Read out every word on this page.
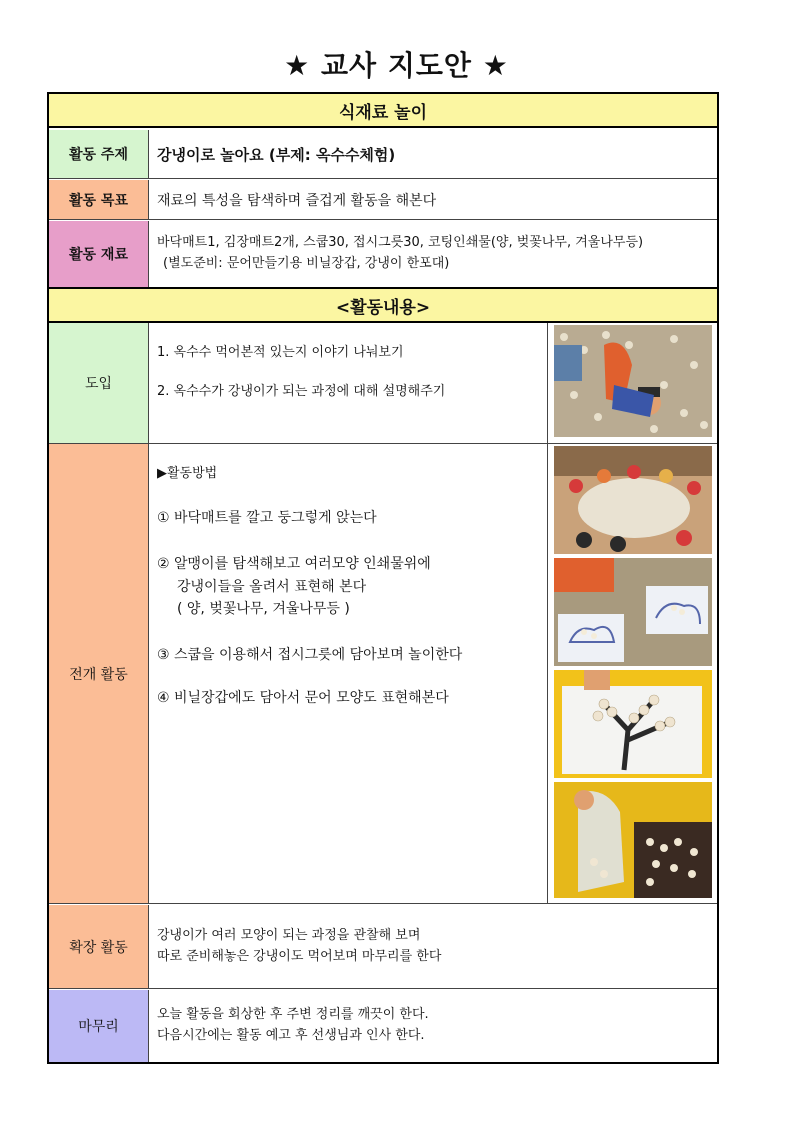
★ 교사 지도안 ★
식재료 놀이
활동 주제	강냉이로 놀아요 (부제: 옥수수체험)
활동 목표	재료의 특성을 탐색하며 즐겁게 활동을 해본다
활동 재료
바닥매트1, 김장매트2개, 스쿱30, 접시그릇30, 코팅인쇄물(양, 벚꽃나무, 겨울나무등)
(별도준비: 문어만들기용 비닐장갑, 강냉이 한포대)
<활동내용>
도입
1. 옥수수 먹어본적 있는지 이야기 나눠보기
2. 옥수수가 강냉이가 되는 과정에 대해 설명해주기
전개 활동
▶활동방법
① 바닥매트를 깔고 둥그렇게 앉는다
② 알맹이를 탐색해보고 여러모양 인쇄물위에
강냉이들을 올려서 표현해 본다
( 양, 벚꽃나무, 겨울나무등 )
③ 스쿱을 이용해서 접시그릇에 담아보며 놀이한다
④ 비닐장갑에도 담아서 문어 모양도 표현해본다
확장 활동
강냉이가 여러 모양이 되는 과정을 관찰해 보며
따로 준비해놓은 강냉이도 먹어보며 마무리를 한다
마무리
오늘 활동을 회상한 후 주변 정리를 깨끗이 한다.
다음시간에는 활동 예고 후 선생님과 인사 한다.
